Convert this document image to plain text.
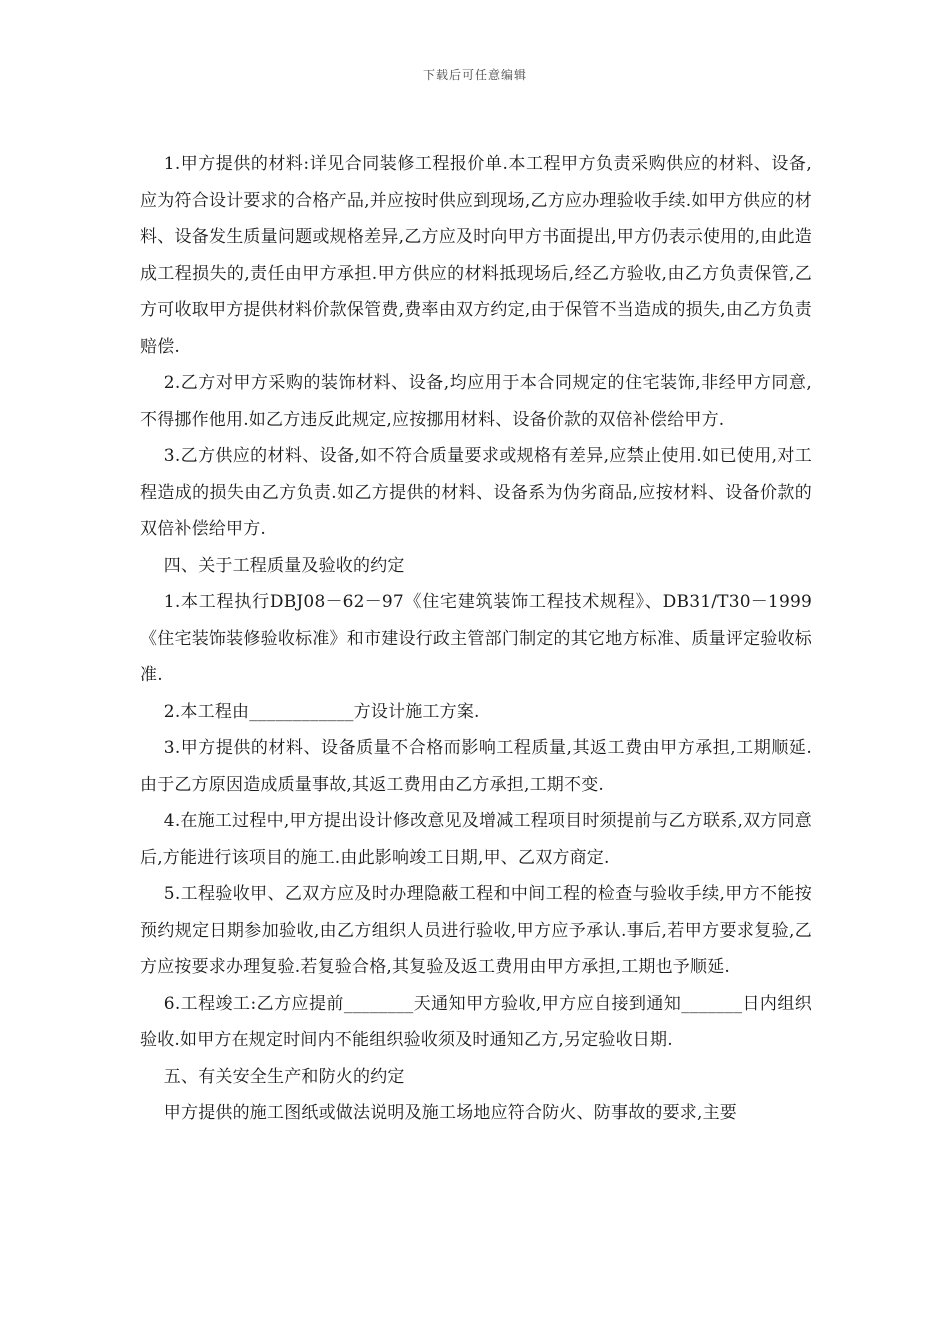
下载后可任意编辑

1.甲方提供的材料:详见合同装修工程报价单.本工程甲方负责采购供应的材料、设备,应为符合设计要求的合格产品,并应按时供应到现场,乙方应办理验收手续.如甲方供应的材料、设备发生质量问题或规格差异,乙方应及时向甲方书面提出,甲方仍表示使用的,由此造成工程损失的,责任由甲方承担.甲方供应的材料抵现场后,经乙方验收,由乙方负责保管,乙方可收取甲方提供材料价款保管费,费率由双方约定,由于保管不当造成的损失,由乙方负责赔偿.

2.乙方对甲方采购的装饰材料、设备,均应用于本合同规定的住宅装饰,非经甲方同意,不得挪作他用.如乙方违反此规定,应按挪用材料、设备价款的双倍补偿给甲方.

3.乙方供应的材料、设备,如不符合质量要求或规格有差异,应禁止使用.如已使用,对工程造成的损失由乙方负责.如乙方提供的材料、设备系为伪劣商品,应按材料、设备价款的双倍补偿给甲方.

四、关于工程质量及验收的约定

1.本工程执行DBJ08－62－97《住宅建筑装饰工程技术规程》、DB31/T30－1999《住宅装饰装修验收标准》和市建设行政主管部门制定的其它地方标准、质量评定验收标准.

2.本工程由____________方设计施工方案.

3.甲方提供的材料、设备质量不合格而影响工程质量,其返工费由甲方承担,工期顺延.由于乙方原因造成质量事故,其返工费用由乙方承担,工期不变.

4.在施工过程中,甲方提出设计修改意见及增减工程项目时须提前与乙方联系,双方同意后,方能进行该项目的施工.由此影响竣工日期,甲、乙双方商定.

5.工程验收甲、乙双方应及时办理隐蔽工程和中间工程的检查与验收手续,甲方不能按预约规定日期参加验收,由乙方组织人员进行验收,甲方应予承认.事后,若甲方要求复验,乙方应按要求办理复验.若复验合格,其复验及返工费用由甲方承担,工期也予顺延.

6.工程竣工:乙方应提前________天通知甲方验收,甲方应自接到通知_______日内组织验收.如甲方在规定时间内不能组织验收须及时通知乙方,另定验收日期.

五、有关安全生产和防火的约定

甲方提供的施工图纸或做法说明及施工场地应符合防火、防事故的要求,主要
